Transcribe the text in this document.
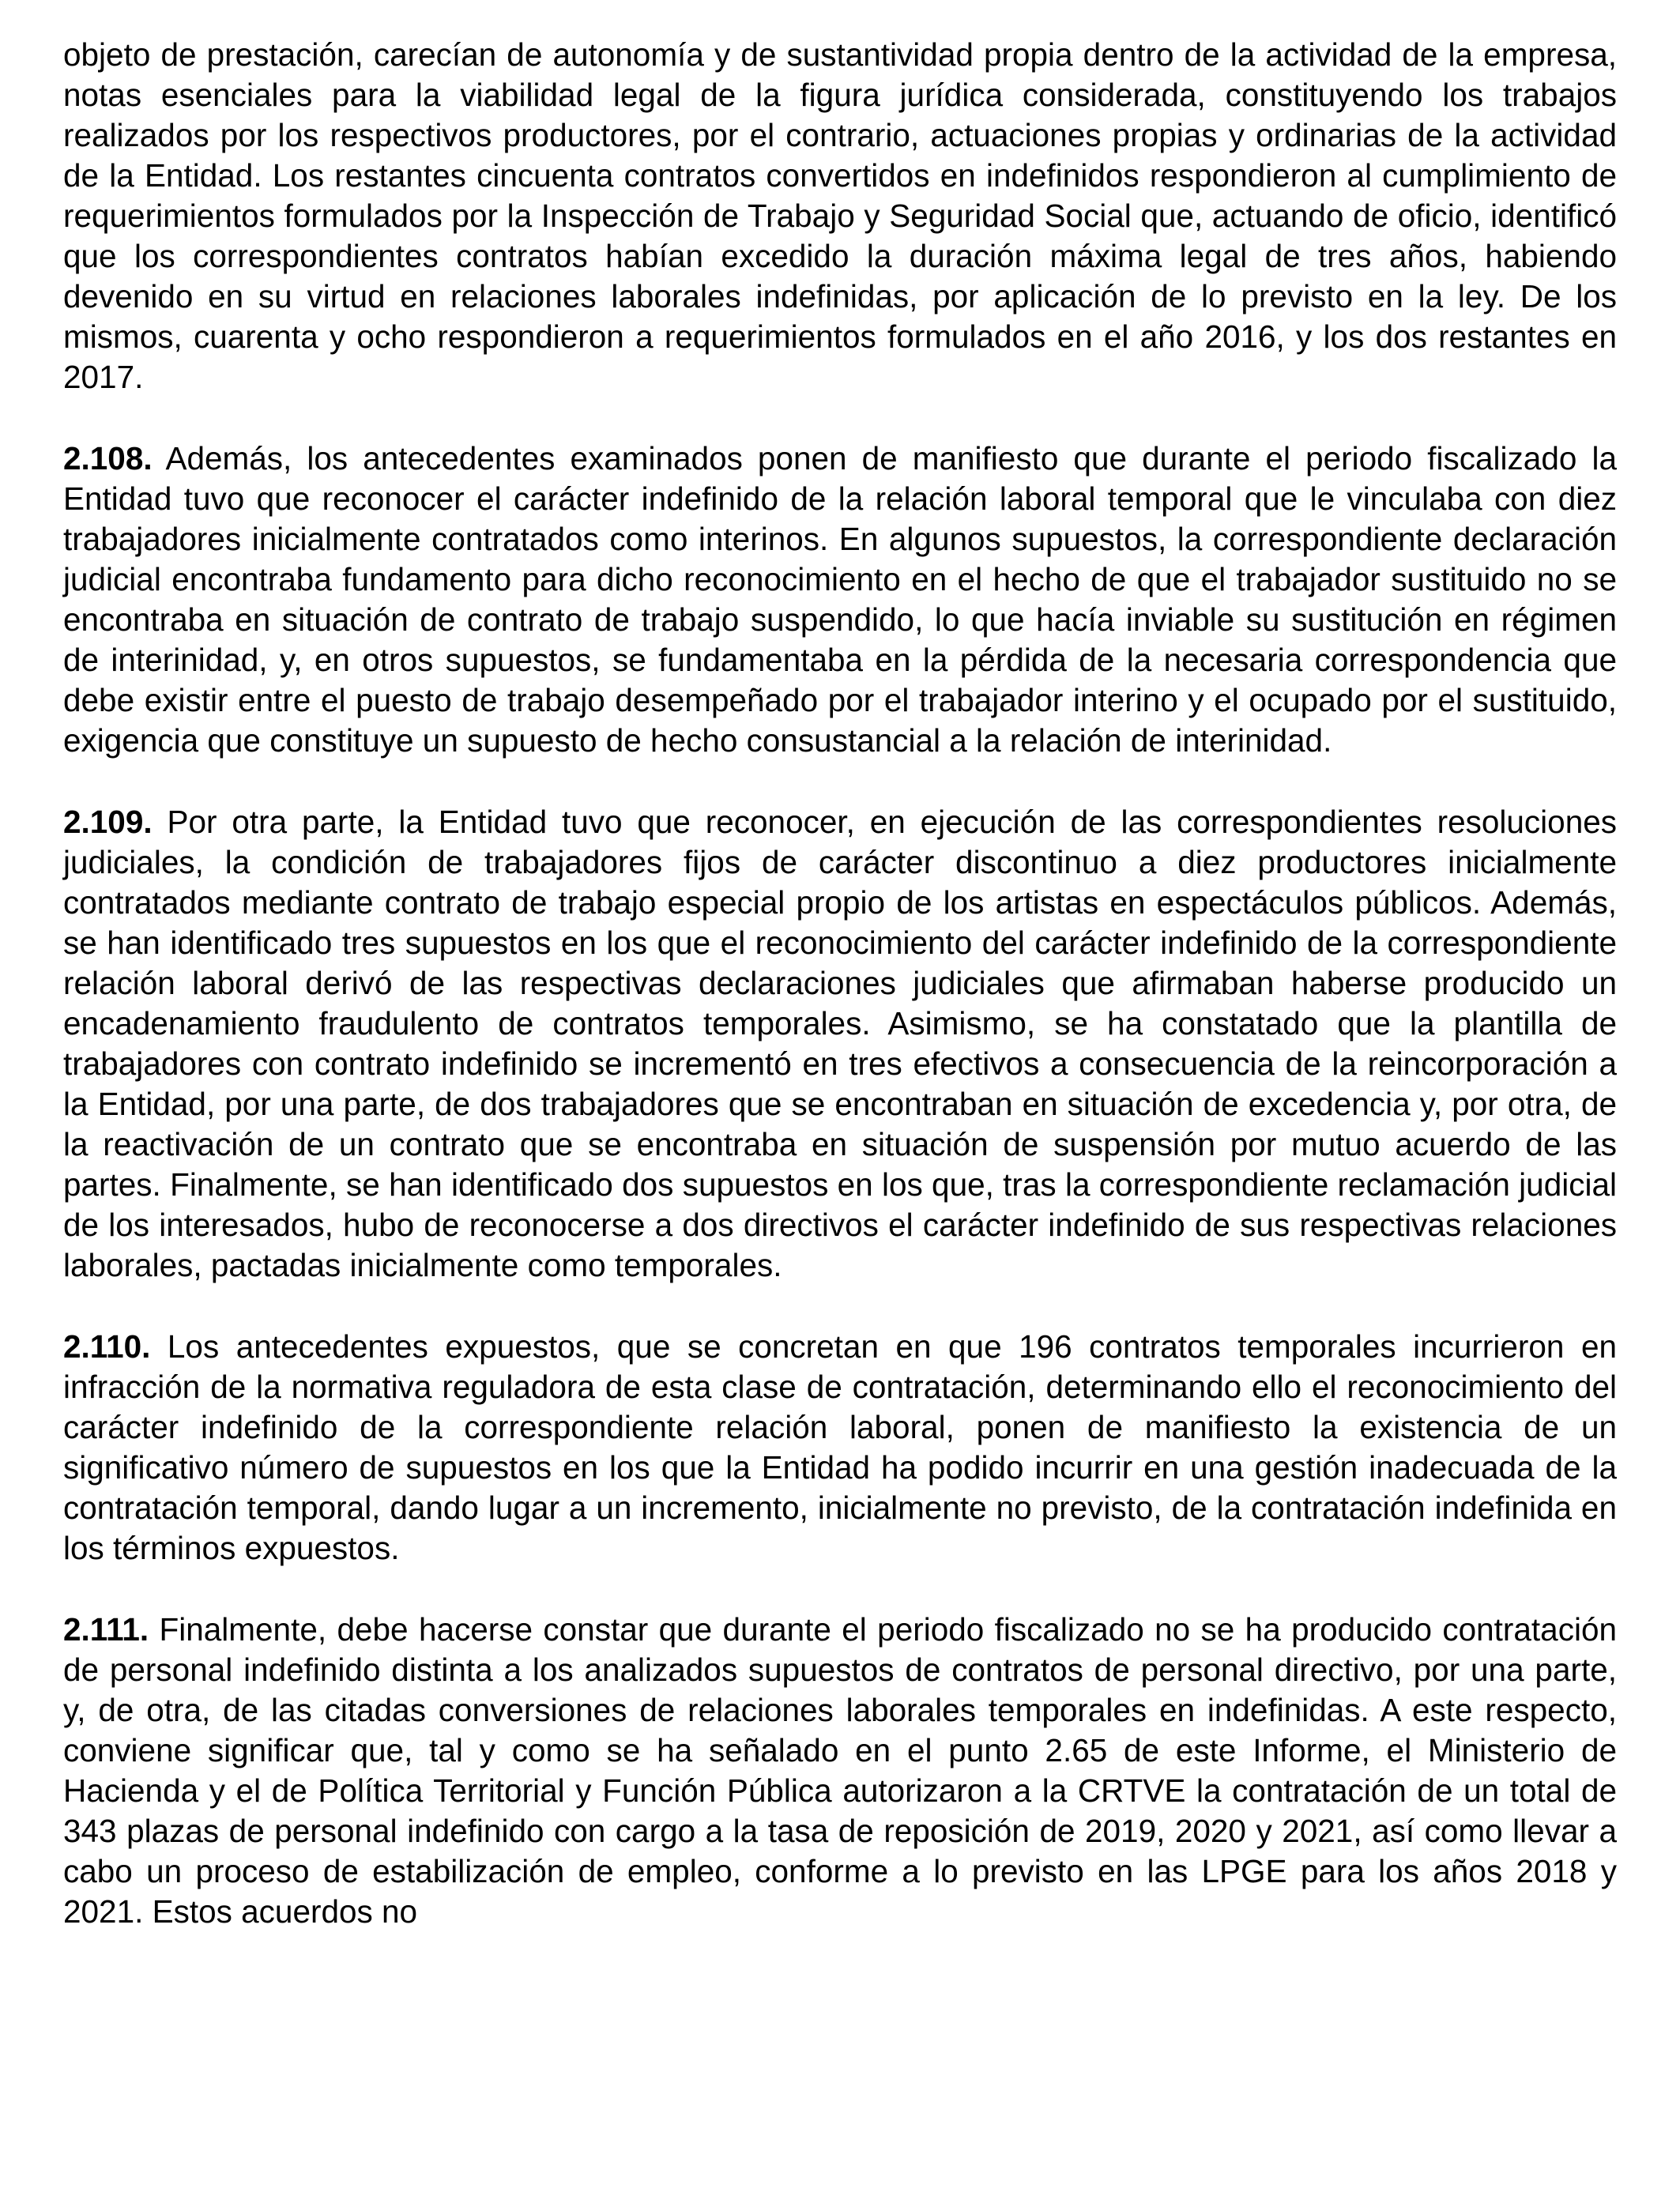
objeto de prestación, carecían de autonomía y de sustantividad propia dentro de la actividad de la empresa, notas esenciales para la viabilidad legal de la figura jurídica considerada, constituyendo los trabajos realizados por los respectivos productores, por el contrario, actuaciones propias y ordinarias de la actividad de la Entidad. Los restantes cincuenta contratos convertidos en indefinidos respondieron al cumplimiento de requerimientos formulados por la Inspección de Trabajo y Seguridad Social que, actuando de oficio, identificó que los correspondientes contratos habían excedido la duración máxima legal de tres años, habiendo devenido en su virtud en relaciones laborales indefinidas, por aplicación de lo previsto en la ley. De los mismos, cuarenta y ocho respondieron a requerimientos formulados en el año 2016, y los dos restantes en 2017.

2.108. Además, los antecedentes examinados ponen de manifiesto que durante el periodo fiscalizado la Entidad tuvo que reconocer el carácter indefinido de la relación laboral temporal que le vinculaba con diez trabajadores inicialmente contratados como interinos. En algunos supuestos, la correspondiente declaración judicial encontraba fundamento para dicho reconocimiento en el hecho de que el trabajador sustituido no se encontraba en situación de contrato de trabajo suspendido, lo que hacía inviable su sustitución en régimen de interinidad, y, en otros supuestos, se fundamentaba en la pérdida de la necesaria correspondencia que debe existir entre el puesto de trabajo desempeñado por el trabajador interino y el ocupado por el sustituido, exigencia que constituye un supuesto de hecho consustancial a la relación de interinidad.

2.109. Por otra parte, la Entidad tuvo que reconocer, en ejecución de las correspondientes resoluciones judiciales, la condición de trabajadores fijos de carácter discontinuo a diez productores inicialmente contratados mediante contrato de trabajo especial propio de los artistas en espectáculos públicos. Además, se han identificado tres supuestos en los que el reconocimiento del carácter indefinido de la correspondiente relación laboral derivó de las respectivas declaraciones judiciales que afirmaban haberse producido un encadenamiento fraudulento de contratos temporales. Asimismo, se ha constatado que la plantilla de trabajadores con contrato indefinido se incrementó en tres efectivos a consecuencia de la reincorporación a la Entidad, por una parte, de dos trabajadores que se encontraban en situación de excedencia y, por otra, de la reactivación de un contrato que se encontraba en situación de suspensión por mutuo acuerdo de las partes. Finalmente, se han identificado dos supuestos en los que, tras la correspondiente reclamación judicial de los interesados, hubo de reconocerse a dos directivos el carácter indefinido de sus respectivas relaciones laborales, pactadas inicialmente como temporales.

2.110. Los antecedentes expuestos, que se concretan en que 196 contratos temporales incurrieron en infracción de la normativa reguladora de esta clase de contratación, determinando ello el reconocimiento del carácter indefinido de la correspondiente relación laboral, ponen de manifiesto la existencia de un significativo número de supuestos en los que la Entidad ha podido incurrir en una gestión inadecuada de la contratación temporal, dando lugar a un incremento, inicialmente no previsto, de la contratación indefinida en los términos expuestos.

2.111. Finalmente, debe hacerse constar que durante el periodo fiscalizado no se ha producido contratación de personal indefinido distinta a los analizados supuestos de contratos de personal directivo, por una parte, y, de otra, de las citadas conversiones de relaciones laborales temporales en indefinidas. A este respecto, conviene significar que, tal y como se ha señalado en el punto 2.65 de este Informe, el Ministerio de Hacienda y el de Política Territorial y Función Pública autorizaron a la CRTVE la contratación de un total de 343 plazas de personal indefinido con cargo a la tasa de reposición de 2019, 2020 y 2021, así como llevar a cabo un proceso de estabilización de empleo, conforme a lo previsto en las LPGE para los años 2018 y 2021. Estos acuerdos no
